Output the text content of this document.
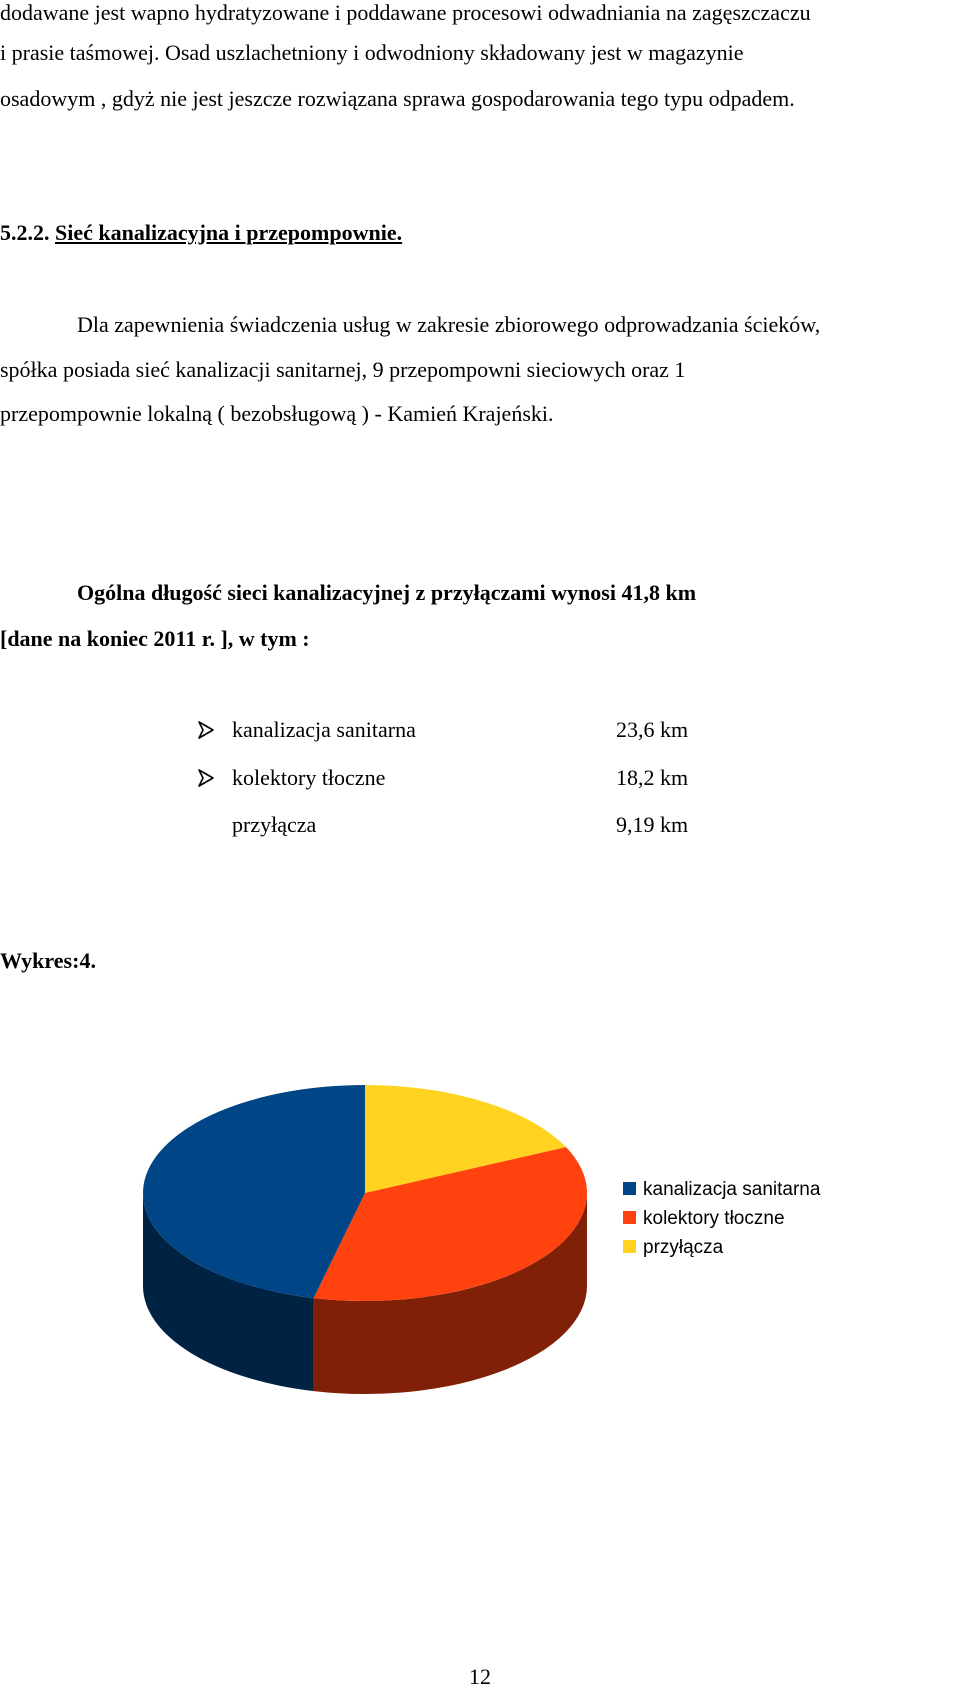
dodawane jest wapno hydratyzowane i poddawane procesowi odwadniania na zagęszczaczu
i prasie taśmowej. Osad uszlachetniony i odwodniony składowany jest w magazynie
osadowym , gdyż nie jest jeszcze rozwiązana sprawa gospodarowania tego typu odpadem.
5.2.2. Sieć kanalizacyjna i przepompownie.
Dla zapewnienia świadczenia usług w zakresie zbiorowego odprowadzania ścieków,
spółka posiada sieć kanalizacji sanitarnej, 9 przepompowni sieciowych oraz 1
przepompownie lokalną ( bezobsługową ) - Kamień Krajeński.
Ogólna długość sieci kanalizacyjnej z przyłączami wynosi 41,8 km
[dane na koniec 2011 r. ], w tym :
kanalizacja sanitarna	23,6 km
kolektory tłoczne	18,2 km
przyłącza	9,19 km
Wykres:4.
kanalizacja sanitarna
kolektory tłoczne
przyłącza
12
